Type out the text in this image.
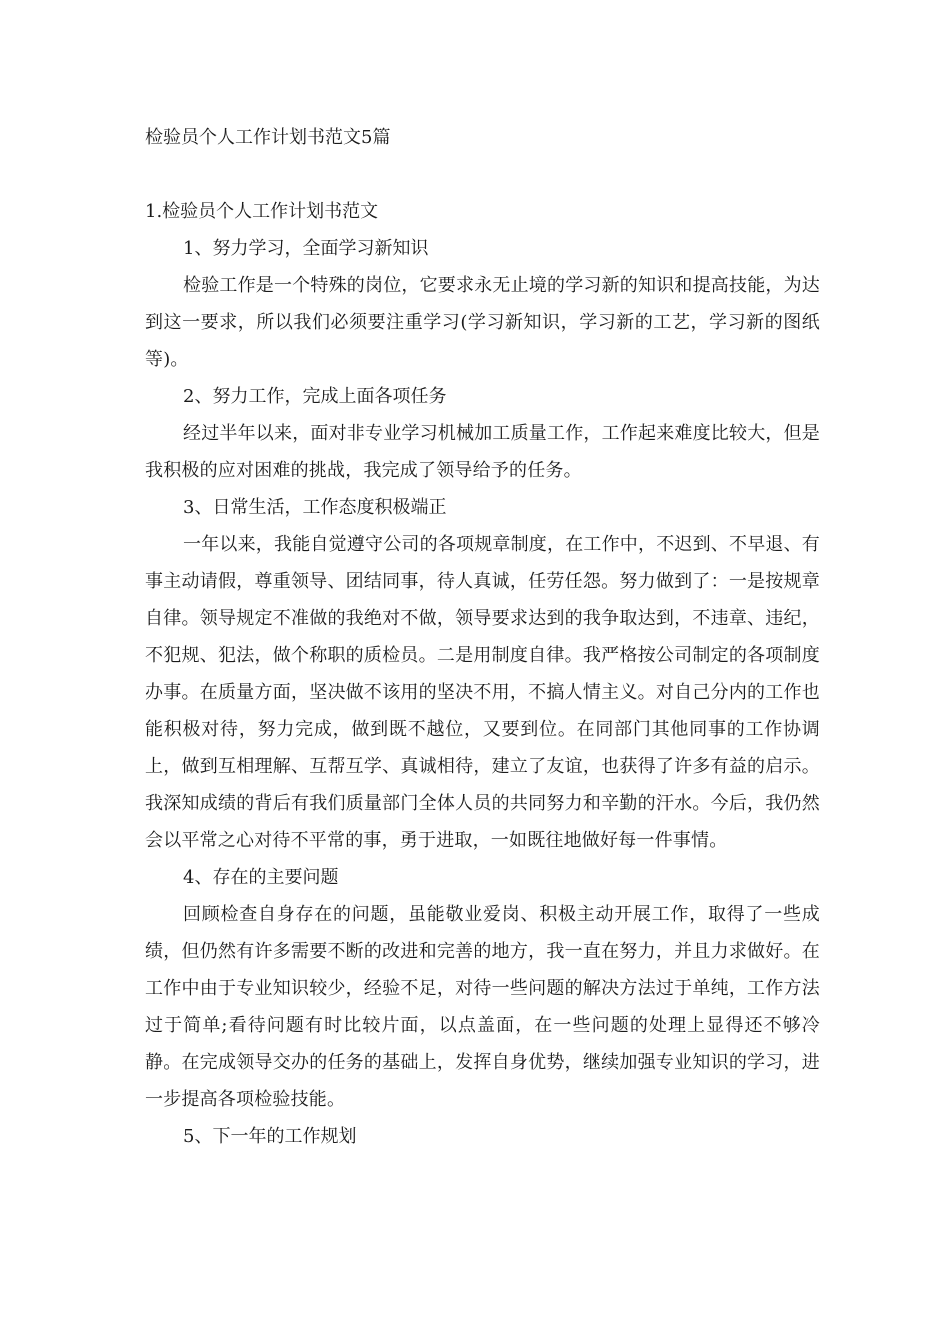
检验员个人工作计划书范文5篇
1.检验员个人工作计划书范文

1、努力学习，全面学习新知识

检验工作是一个特殊的岗位，它要求永无止境的学习新的知识和提高技能，为达到这一要求，所以我们必须要注重学习(学习新知识，学习新的工艺，学习新的图纸等)。

2、努力工作，完成上面各项任务

经过半年以来，面对非专业学习机械加工质量工作，工作起来难度比较大，但是我积极的应对困难的挑战，我完成了领导给予的任务。

3、日常生活，工作态度积极端正

一年以来，我能自觉遵守公司的各项规章制度，在工作中，不迟到、不早退、有事主动请假，尊重领导、团结同事，待人真诚，任劳任怨。努力做到了：一是按规章自律。领导规定不准做的我绝对不做，领导要求达到的我争取达到，不违章、违纪，不犯规、犯法，做个称职的质检员。二是用制度自律。我严格按公司制定的各项制度办事。在质量方面，坚决做不该用的坚决不用，不搞人情主义。对自己分内的工作也能积极对待，努力完成，做到既不越位，又要到位。在同部门其他同事的工作协调上，做到互相理解、互帮互学、真诚相待，建立了友谊，也获得了许多有益的启示。我深知成绩的背后有我们质量部门全体人员的共同努力和辛勤的汗水。今后，我仍然会以平常之心对待不平常的事，勇于进取，一如既往地做好每一件事情。

4、存在的主要问题

回顾检查自身存在的问题，虽能敬业爱岗、积极主动开展工作，取得了一些成绩，但仍然有许多需要不断的改进和完善的地方，我一直在努力，并且力求做好。在工作中由于专业知识较少，经验不足，对待一些问题的解决方法过于单纯，工作方法过于简单;看待问题有时比较片面，以点盖面，在一些问题的处理上显得还不够冷静。在完成领导交办的任务的基础上，发挥自身优势，继续加强专业知识的学习，进一步提高各项检验技能。

5、下一年的工作规划
